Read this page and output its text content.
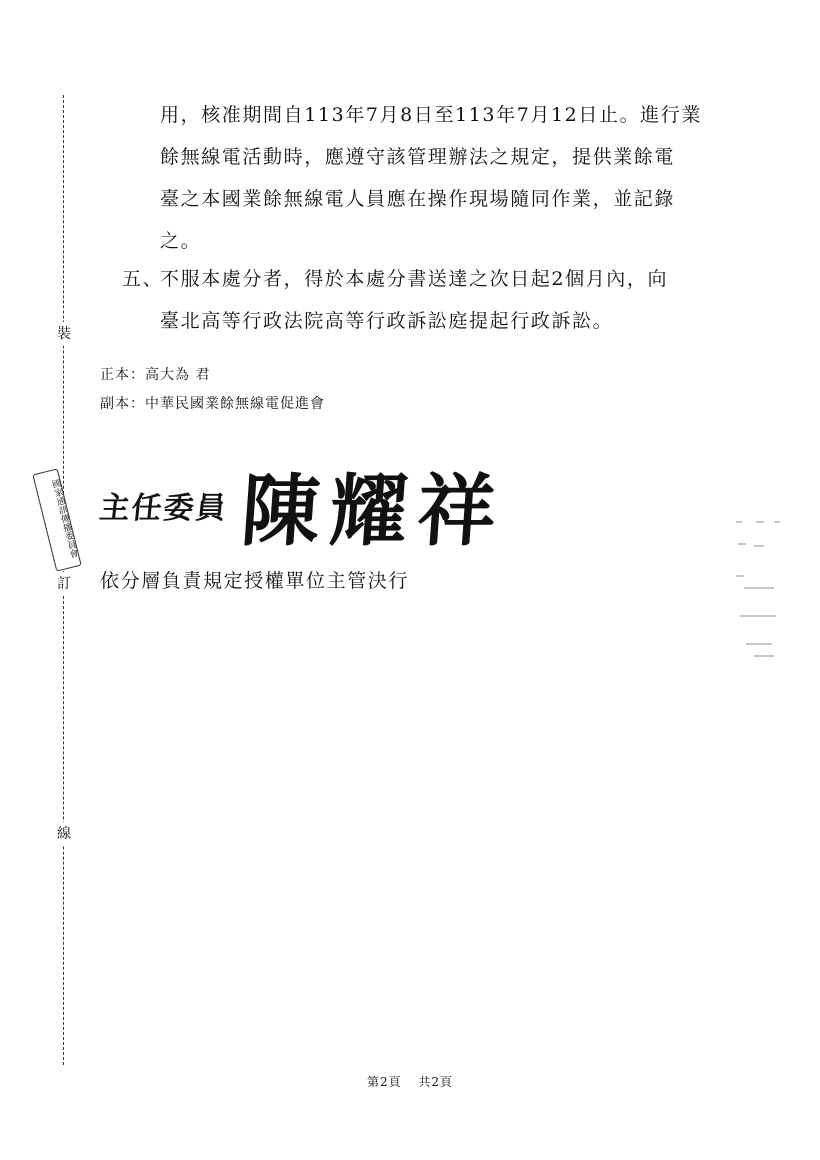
裝
訂
線
國家通訊傳播委員會
用，核准期間自113年7月8日至113年7月12日止。進行業
餘無線電活動時，應遵守該管理辦法之規定，提供業餘電
臺之本國業餘無線電人員應在操作現場隨同作業，並記錄
之。
五、
不服本處分者，得於本處分書送達之次日起2個月內，向
臺北高等行政法院高等行政訴訟庭提起行政訴訟。
正本：高大為 君
副本：中華民國業餘無線電促進會
主任委員 陳耀祥
依分層負責規定授權單位主管決行
第2頁 共2頁
